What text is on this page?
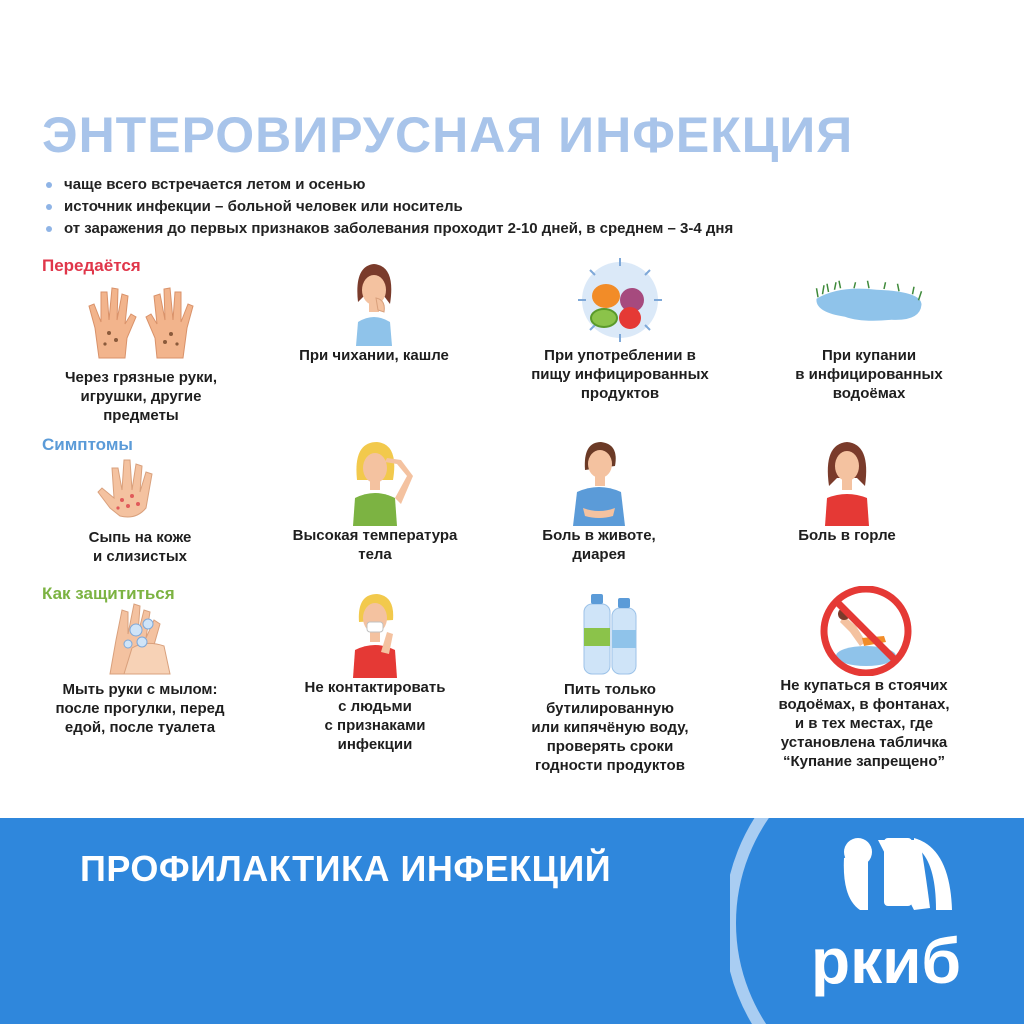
ЭНТЕРОВИРУСНАЯ ИНФЕКЦИЯ
чаще всего встречается летом и осенью
источник инфекции – больной человек или носитель
от заражения до первых признаков заболевания проходит 2-10 дней, в среднем – 3-4 дня
Передаётся
Симптомы
Как защититься
Через грязные руки,
игрушки, другие
предметы
При чихании, кашле	При употреблении в
пищу инфицированных
продуктов
При купании
в инфицированных
водоёмах
Сыпь на коже
и слизистых
Высокая температура
тела
Боль в животе,
диарея
Боль в горле
Мыть руки с мылом:
после прогулки, перед
едой, после туалета
Не контактировать
с людьми
с признаками
инфекции
Пить только
бутилированную
или кипячёную воду,
проверять сроки
годности продуктов
Не купаться в стоячих
водоёмах, в фонтанах,
и в тех местах, где
установлена табличка
“Купание запрещено”
ПРОФИЛАКТИКА ИНФЕКЦИЙ
ркиб
